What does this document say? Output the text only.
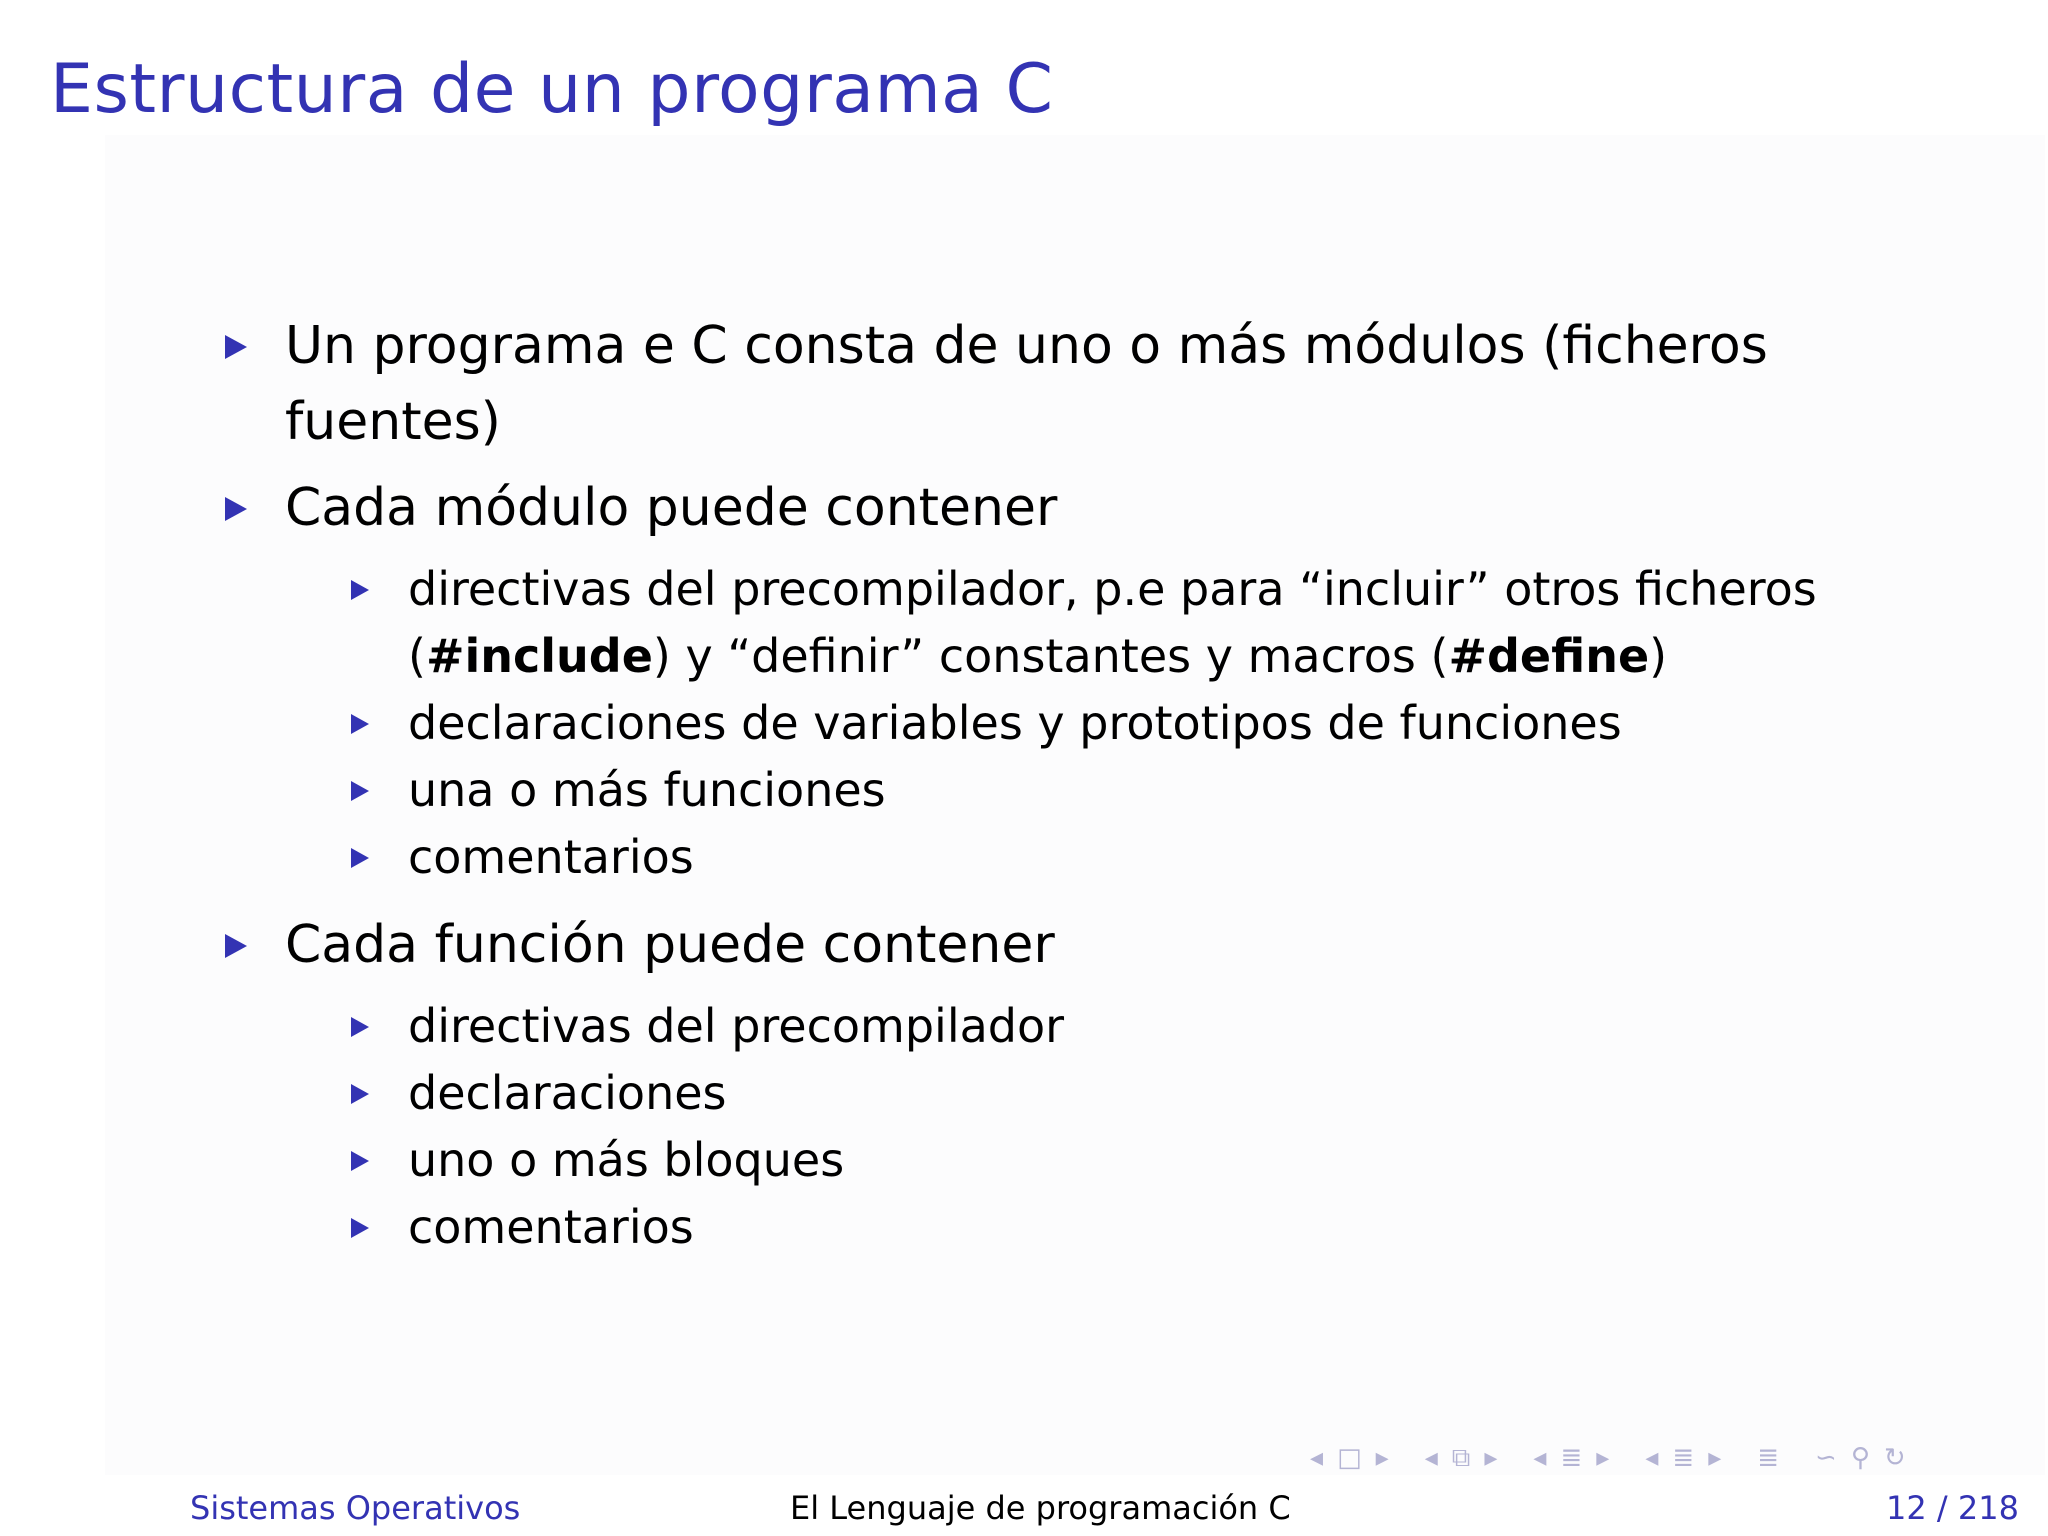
Estructura de un programa C
Un programa e C consta de uno o más módulos (ficheros fuentes)
Cada módulo puede contener
directivas del precompilador, p.e para “incluir” otros ficheros (#include) y “definir” constantes y macros (#define)
declaraciones de variables y prototipos de funciones
una o más funciones
comentarios
Cada función puede contener
directivas del precompilador
declaraciones
uno o más bloques
comentarios
◂ □ ▸ ◂ ⧉ ▸ ◂ ≣ ▸ ◂ ≣ ▸ ≣ ∽ ⚲ ↻
Sistemas Operativos	El Lenguaje de programación C	12 / 218
